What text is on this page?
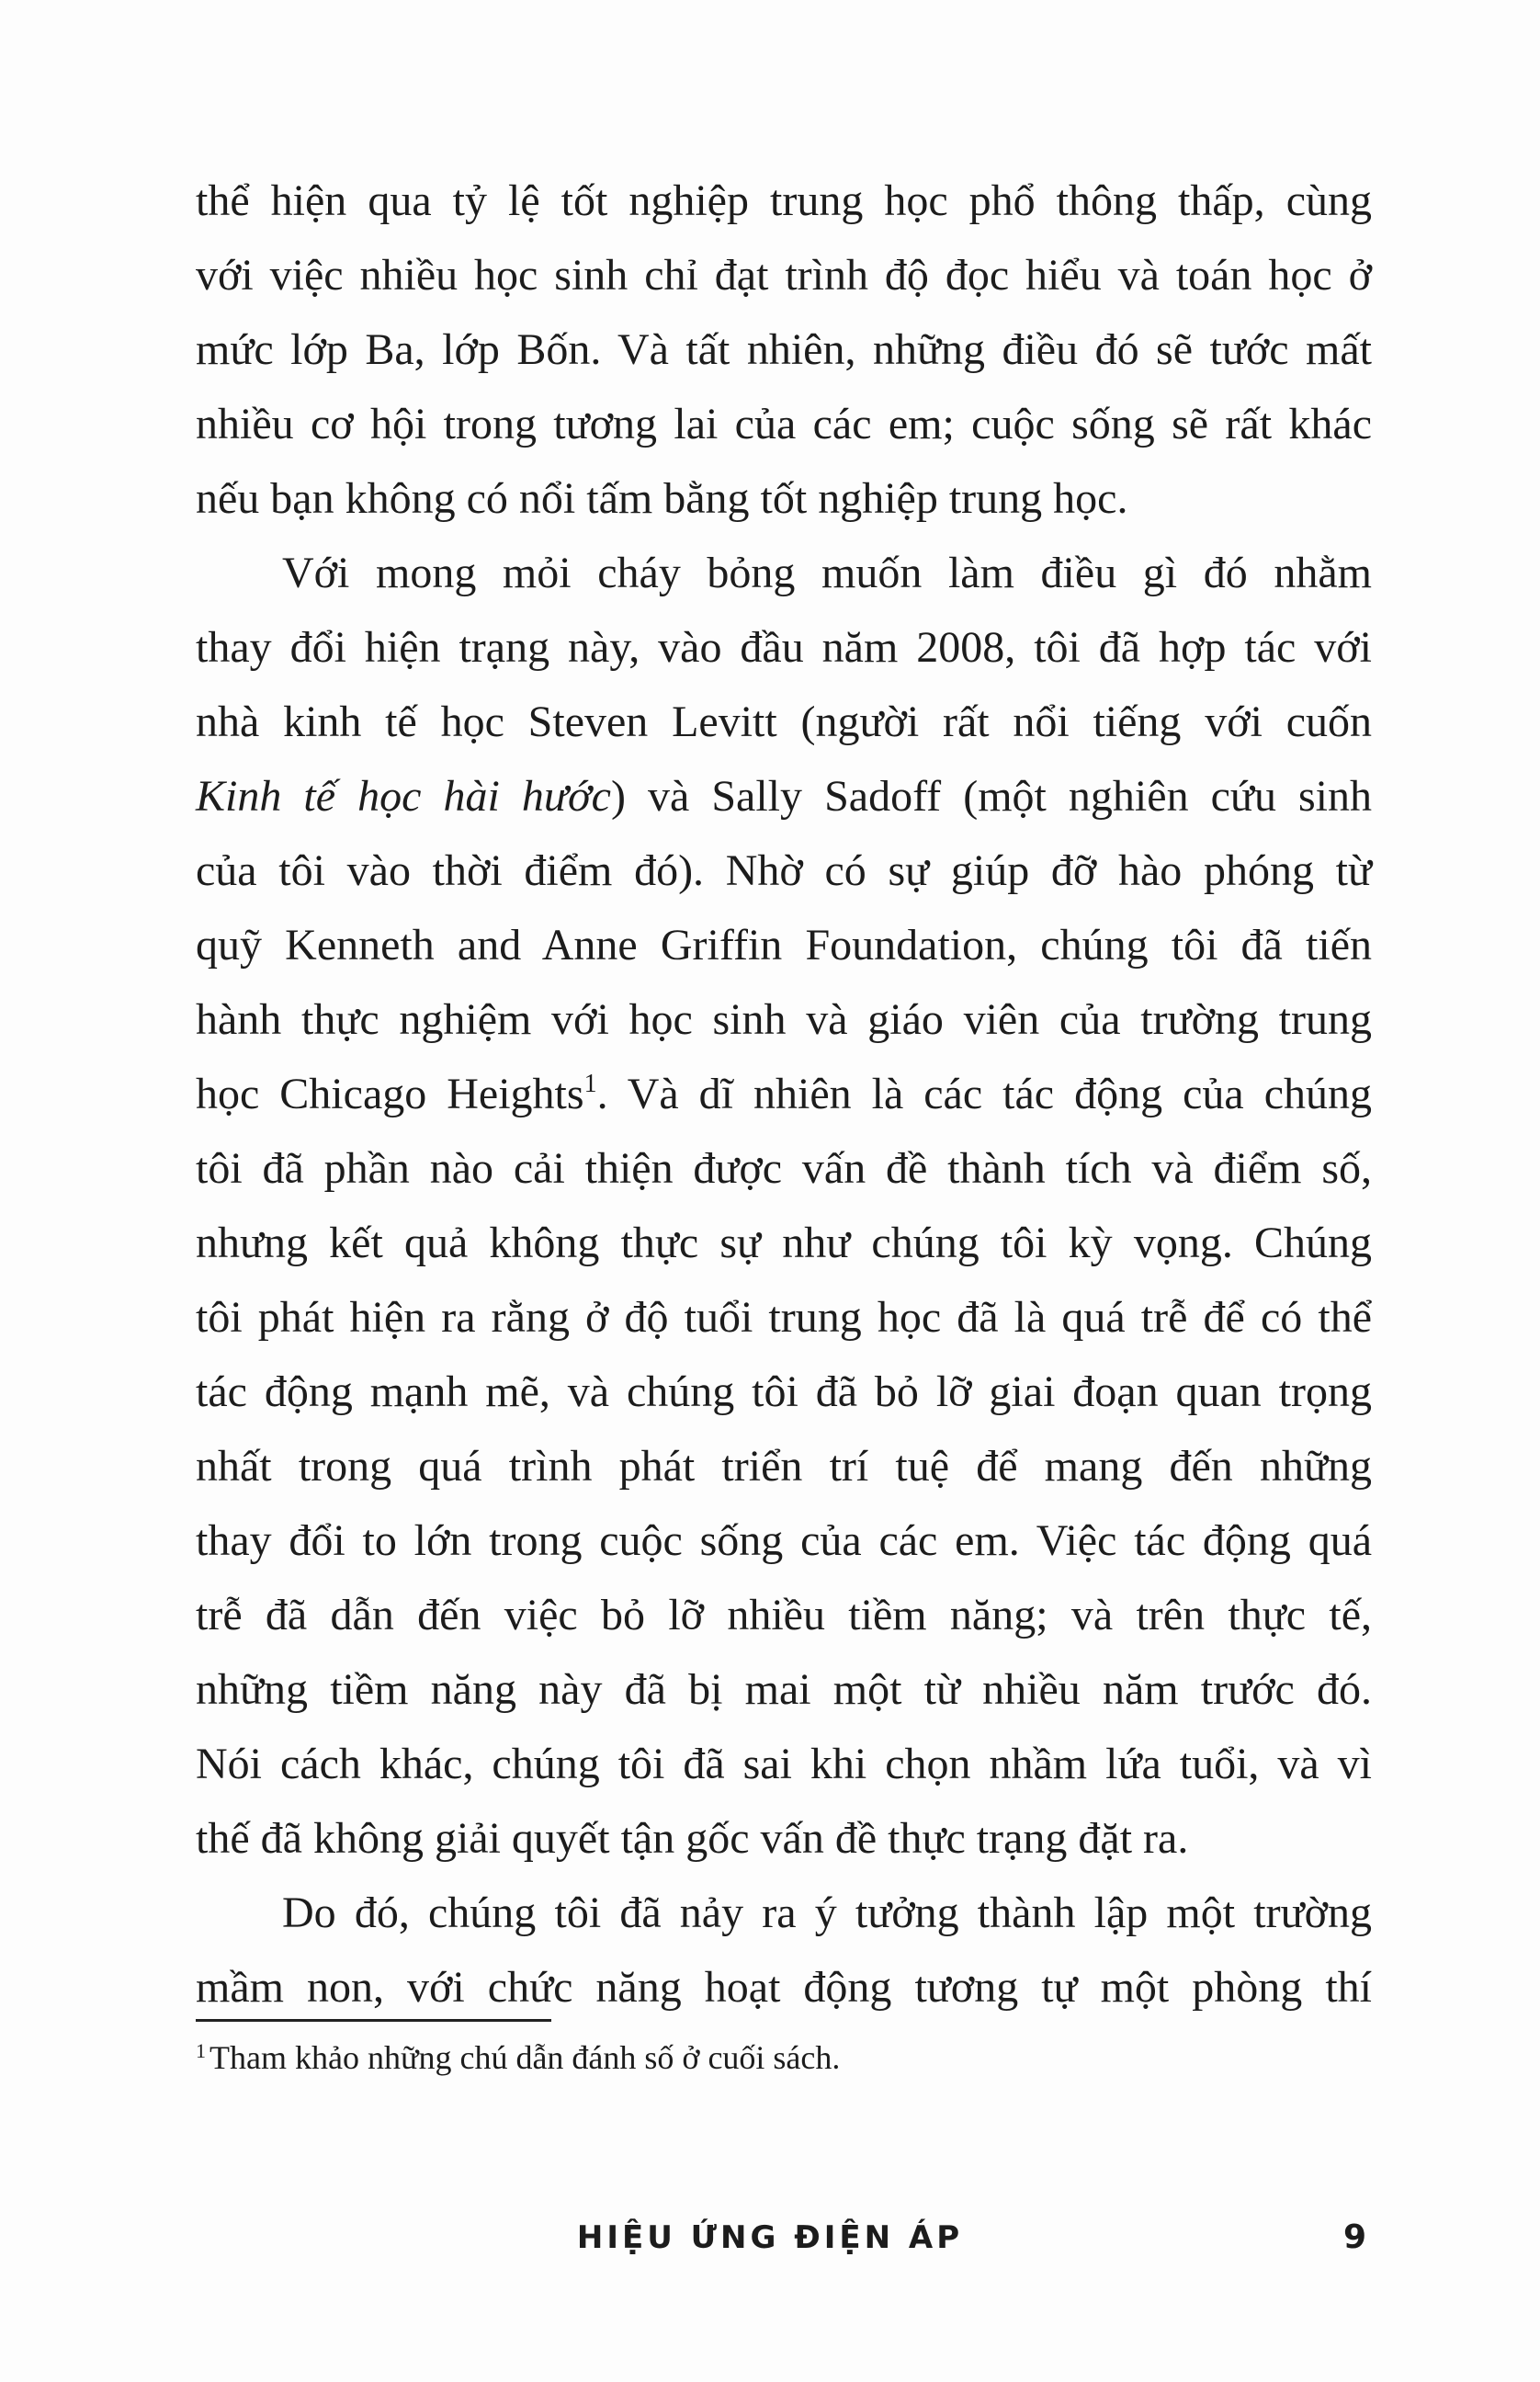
thể hiện qua tỷ lệ tốt nghiệp trung học phổ thông thấp, cùng
với việc nhiều học sinh chỉ đạt trình độ đọc hiểu và toán học ở
mức lớp Ba, lớp Bốn. Và tất nhiên, những điều đó sẽ tước mất
nhiều cơ hội trong tương lai của các em; cuộc sống sẽ rất khác
nếu bạn không có nổi tấm bằng tốt nghiệp trung học.
Với mong mỏi cháy bỏng muốn làm điều gì đó nhằm
thay đổi hiện trạng này, vào đầu năm 2008, tôi đã hợp tác với
nhà kinh tế học Steven Levitt (người rất nổi tiếng với cuốn
Kinh tế học hài hước) và Sally Sadoff (một nghiên cứu sinh
của tôi vào thời điểm đó). Nhờ có sự giúp đỡ hào phóng từ
quỹ Kenneth and Anne Griffin Foundation, chúng tôi đã tiến
hành thực nghiệm với học sinh và giáo viên của trường trung
học Chicago Heights$^1$. Và dĩ nhiên là các tác động của chúng
tôi đã phần nào cải thiện được vấn đề thành tích và điểm số,
nhưng kết quả không thực sự như chúng tôi kỳ vọng. Chúng
tôi phát hiện ra rằng ở độ tuổi trung học đã là quá trễ để có thể
tác động mạnh mẽ, và chúng tôi đã bỏ lỡ giai đoạn quan trọng
nhất trong quá trình phát triển trí tuệ để mang đến những
thay đổi to lớn trong cuộc sống của các em. Việc tác động quá
trễ đã dẫn đến việc bỏ lỡ nhiều tiềm năng; và trên thực tế,
những tiềm năng này đã bị mai một từ nhiều năm trước đó.
Nói cách khác, chúng tôi đã sai khi chọn nhầm lứa tuổi, và vì
thế đã không giải quyết tận gốc vấn đề thực trạng đặt ra.
Do đó, chúng tôi đã nảy ra ý tưởng thành lập một trường
mầm non, với chức năng hoạt động tương tự một phòng thí
$^1$ Tham khảo những chú dẫn đánh số ở cuối sách.
HIỆU ỨNG ĐIỆN ÁP	9
